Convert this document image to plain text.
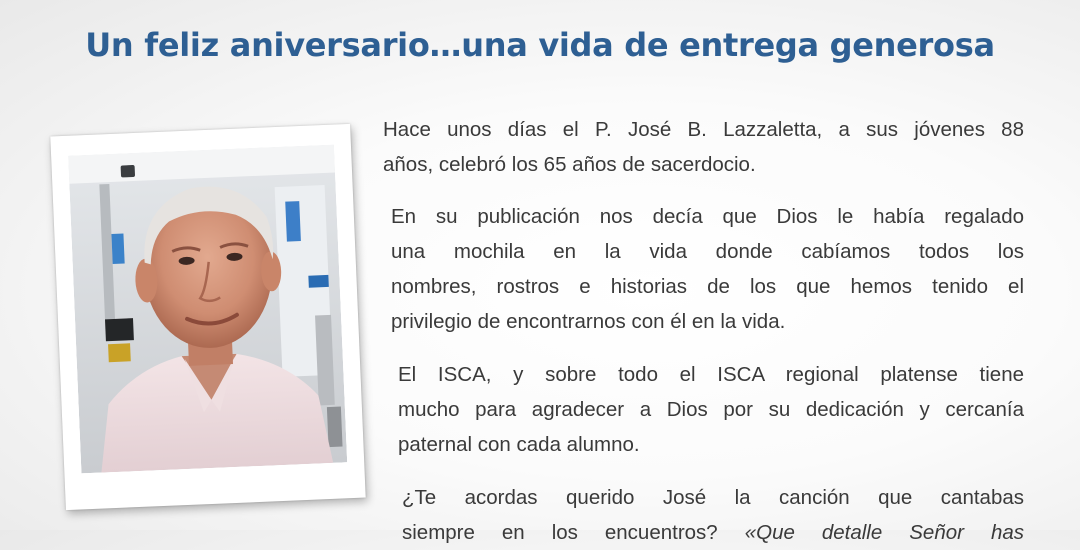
Un feliz aniversario…una vida de entrega generosa
Hace unos días el P. José B. Lazzaletta, a sus jóvenes 88
años, celebró los 65 años de sacerdocio.
En su publicación nos decía que Dios le había regalado
una mochila en la vida donde cabíamos todos los
nombres, rostros e historias de los que hemos tenido el
privilegio de encontrarnos con él en la vida.
El ISCA, y sobre todo el ISCA regional platense tiene
mucho para agradecer a Dios por su dedicación y cercanía
paternal con cada alumno.
¿Te acordas querido José la canción que cantabas
siempre en los encuentros? «Que detalle Señor has
